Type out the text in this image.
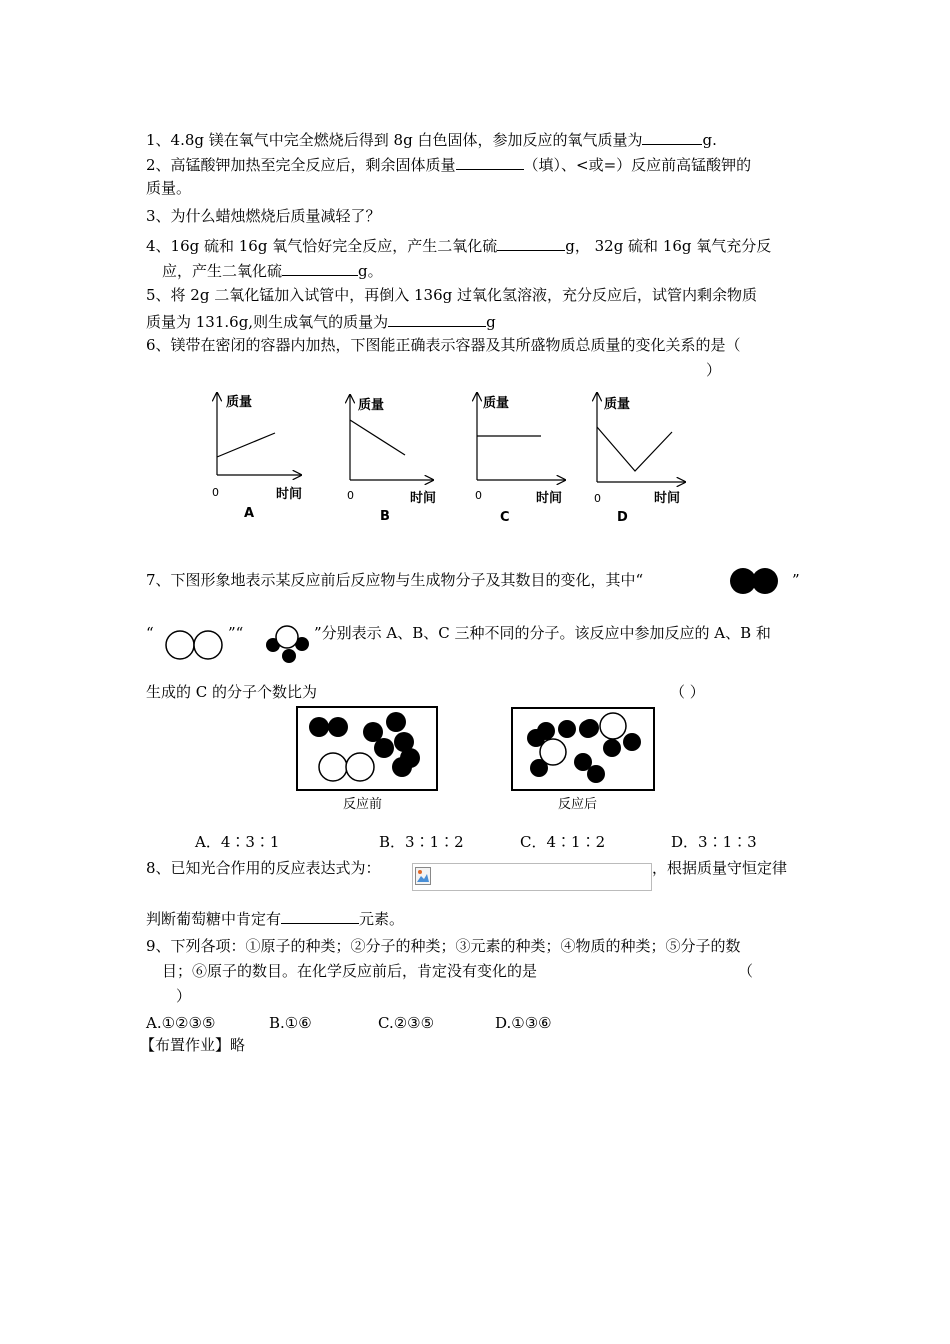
1、4.8g 镁在氧气中完全燃烧后得到 8g 白色固体，参加反应的氧气质量为	g.
2、高锰酸钾加热至完全反应后，剩余固体质量	（填）、<或=）反应前高锰酸钾的
质量。
3、为什么蜡烛燃烧后质量减轻了？
4、16g 硫和 16g 氧气恰好完全反应，产生二氧化硫	g， 32g 硫和 16g 氧气充分反
应，产生二氧化硫	g。
5、将 2g 二氧化锰加入试管中，再倒入 136g 过氧化氢溶液，充分反应后，试管内剩余物质
质量为 131.6g,则生成氧气的质量为	g
6、镁带在密闭的容器内加热，下图能正确表示容器及其所盛物质总质量的变化关系的是（
）
质量
时间
0
A
质量
时间
0
B
质量
时间
0
C
质量
时间
0
D
7、下图形象地表示某反应前后反应物与生成物分子及其数目的变化，其中“	”
“	”“	”分别表示 A、B、C 三种不同的分子。该反应中参加反应的 A、B 和
生成的 C 的分子个数比为	（ ）
反应前	反应后
A．4∶3∶1	B．3∶1∶2	C．4∶1∶2	D．3∶1∶3
8、已知光合作用的反应表达式为：	，根据质量守恒定律
判断葡萄糖中肯定有	元素。
9、下列各项：①原子的种类；②分子的种类；③元素的种类；④物质的种类；⑤分子的数
目；⑥原子的数目。在化学反应前后，肯定没有变化的是	（
）
A.①②③⑤	B.①⑥	C.②③⑤	D.①③⑥
【布置作业】略
